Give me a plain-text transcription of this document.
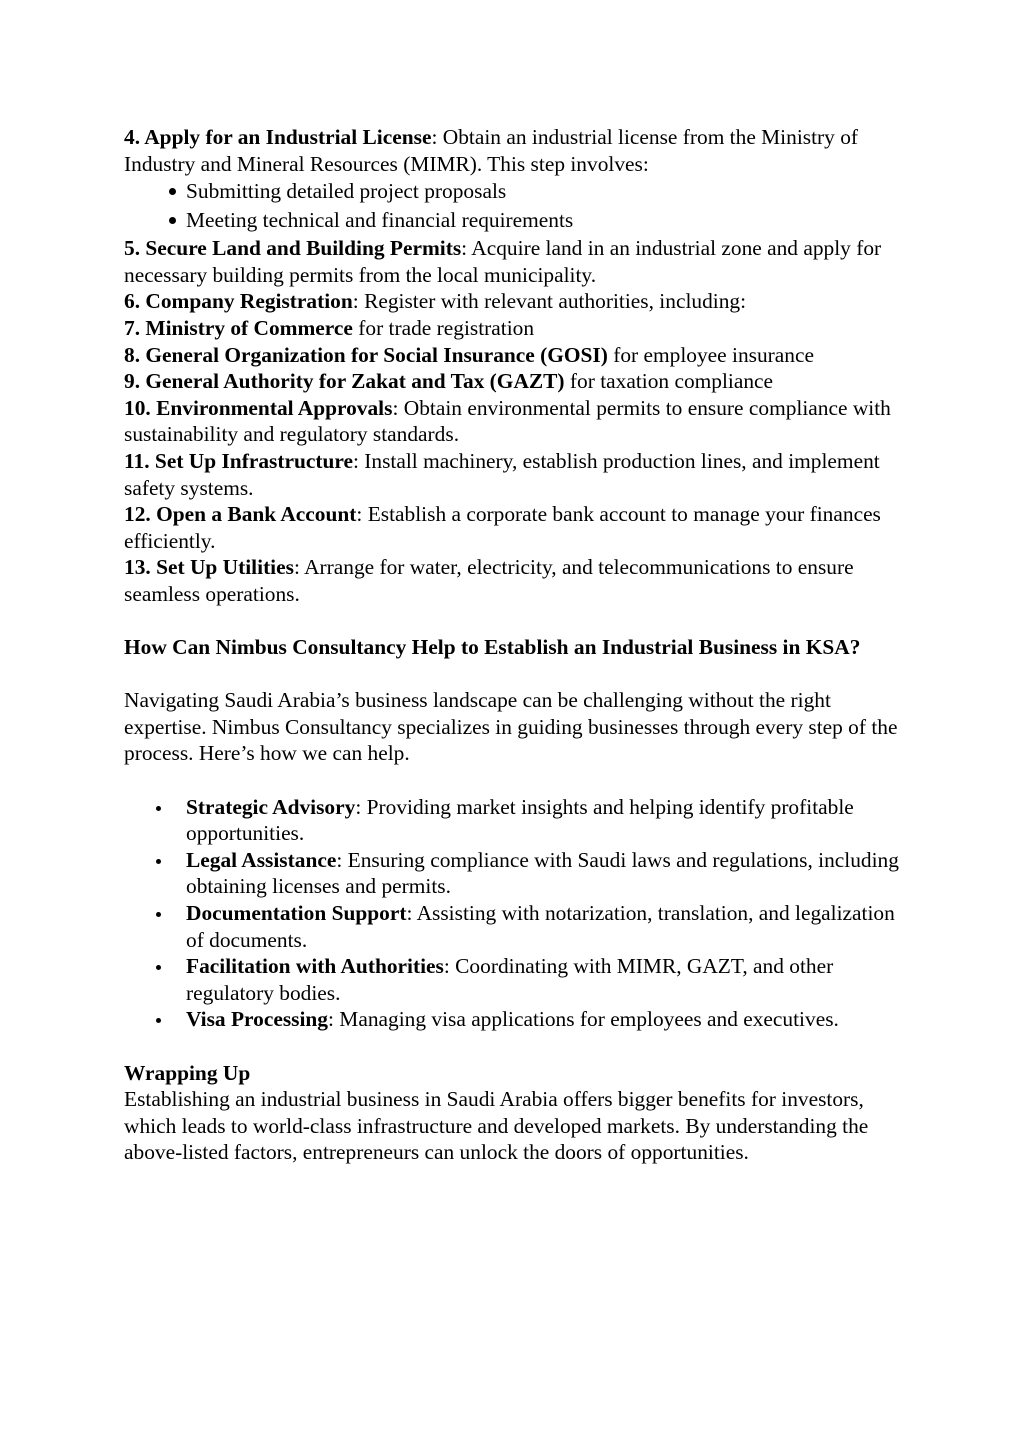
4. Apply for an Industrial License: Obtain an industrial license from the Ministry of Industry and Mineral Resources (MIMR). This step involves:

Submitting detailed project proposals
Meeting technical and financial requirements

5. Secure Land and Building Permits: Acquire land in an industrial zone and apply for necessary building permits from the local municipality.

6. Company Registration: Register with relevant authorities, including:

7. Ministry of Commerce for trade registration

8. General Organization for Social Insurance (GOSI) for employee insurance

9. General Authority for Zakat and Tax (GAZT) for taxation compliance

10. Environmental Approvals: Obtain environmental permits to ensure compliance with sustainability and regulatory standards.

11. Set Up Infrastructure: Install machinery, establish production lines, and implement safety systems.

12. Open a Bank Account: Establish a corporate bank account to manage your finances efficiently.

13. Set Up Utilities: Arrange for water, electricity, and telecommunications to ensure seamless operations.

How Can Nimbus Consultancy Help to Establish an Industrial Business in KSA?

Navigating Saudi Arabia’s business landscape can be challenging without the right expertise. Nimbus Consultancy specializes in guiding businesses through every step of the process. Here’s how we can help.

Strategic Advisory: Providing market insights and helping identify profitable opportunities.
Legal Assistance: Ensuring compliance with Saudi laws and regulations, including obtaining licenses and permits.
Documentation Support: Assisting with notarization, translation, and legalization of documents.
Facilitation with Authorities: Coordinating with MIMR, GAZT, and other regulatory bodies.
Visa Processing: Managing visa applications for employees and executives.

Wrapping Up

Establishing an industrial business in Saudi Arabia offers bigger benefits for investors, which leads to world-class infrastructure and developed markets. By understanding the above-listed factors, entrepreneurs can unlock the doors of opportunities.
